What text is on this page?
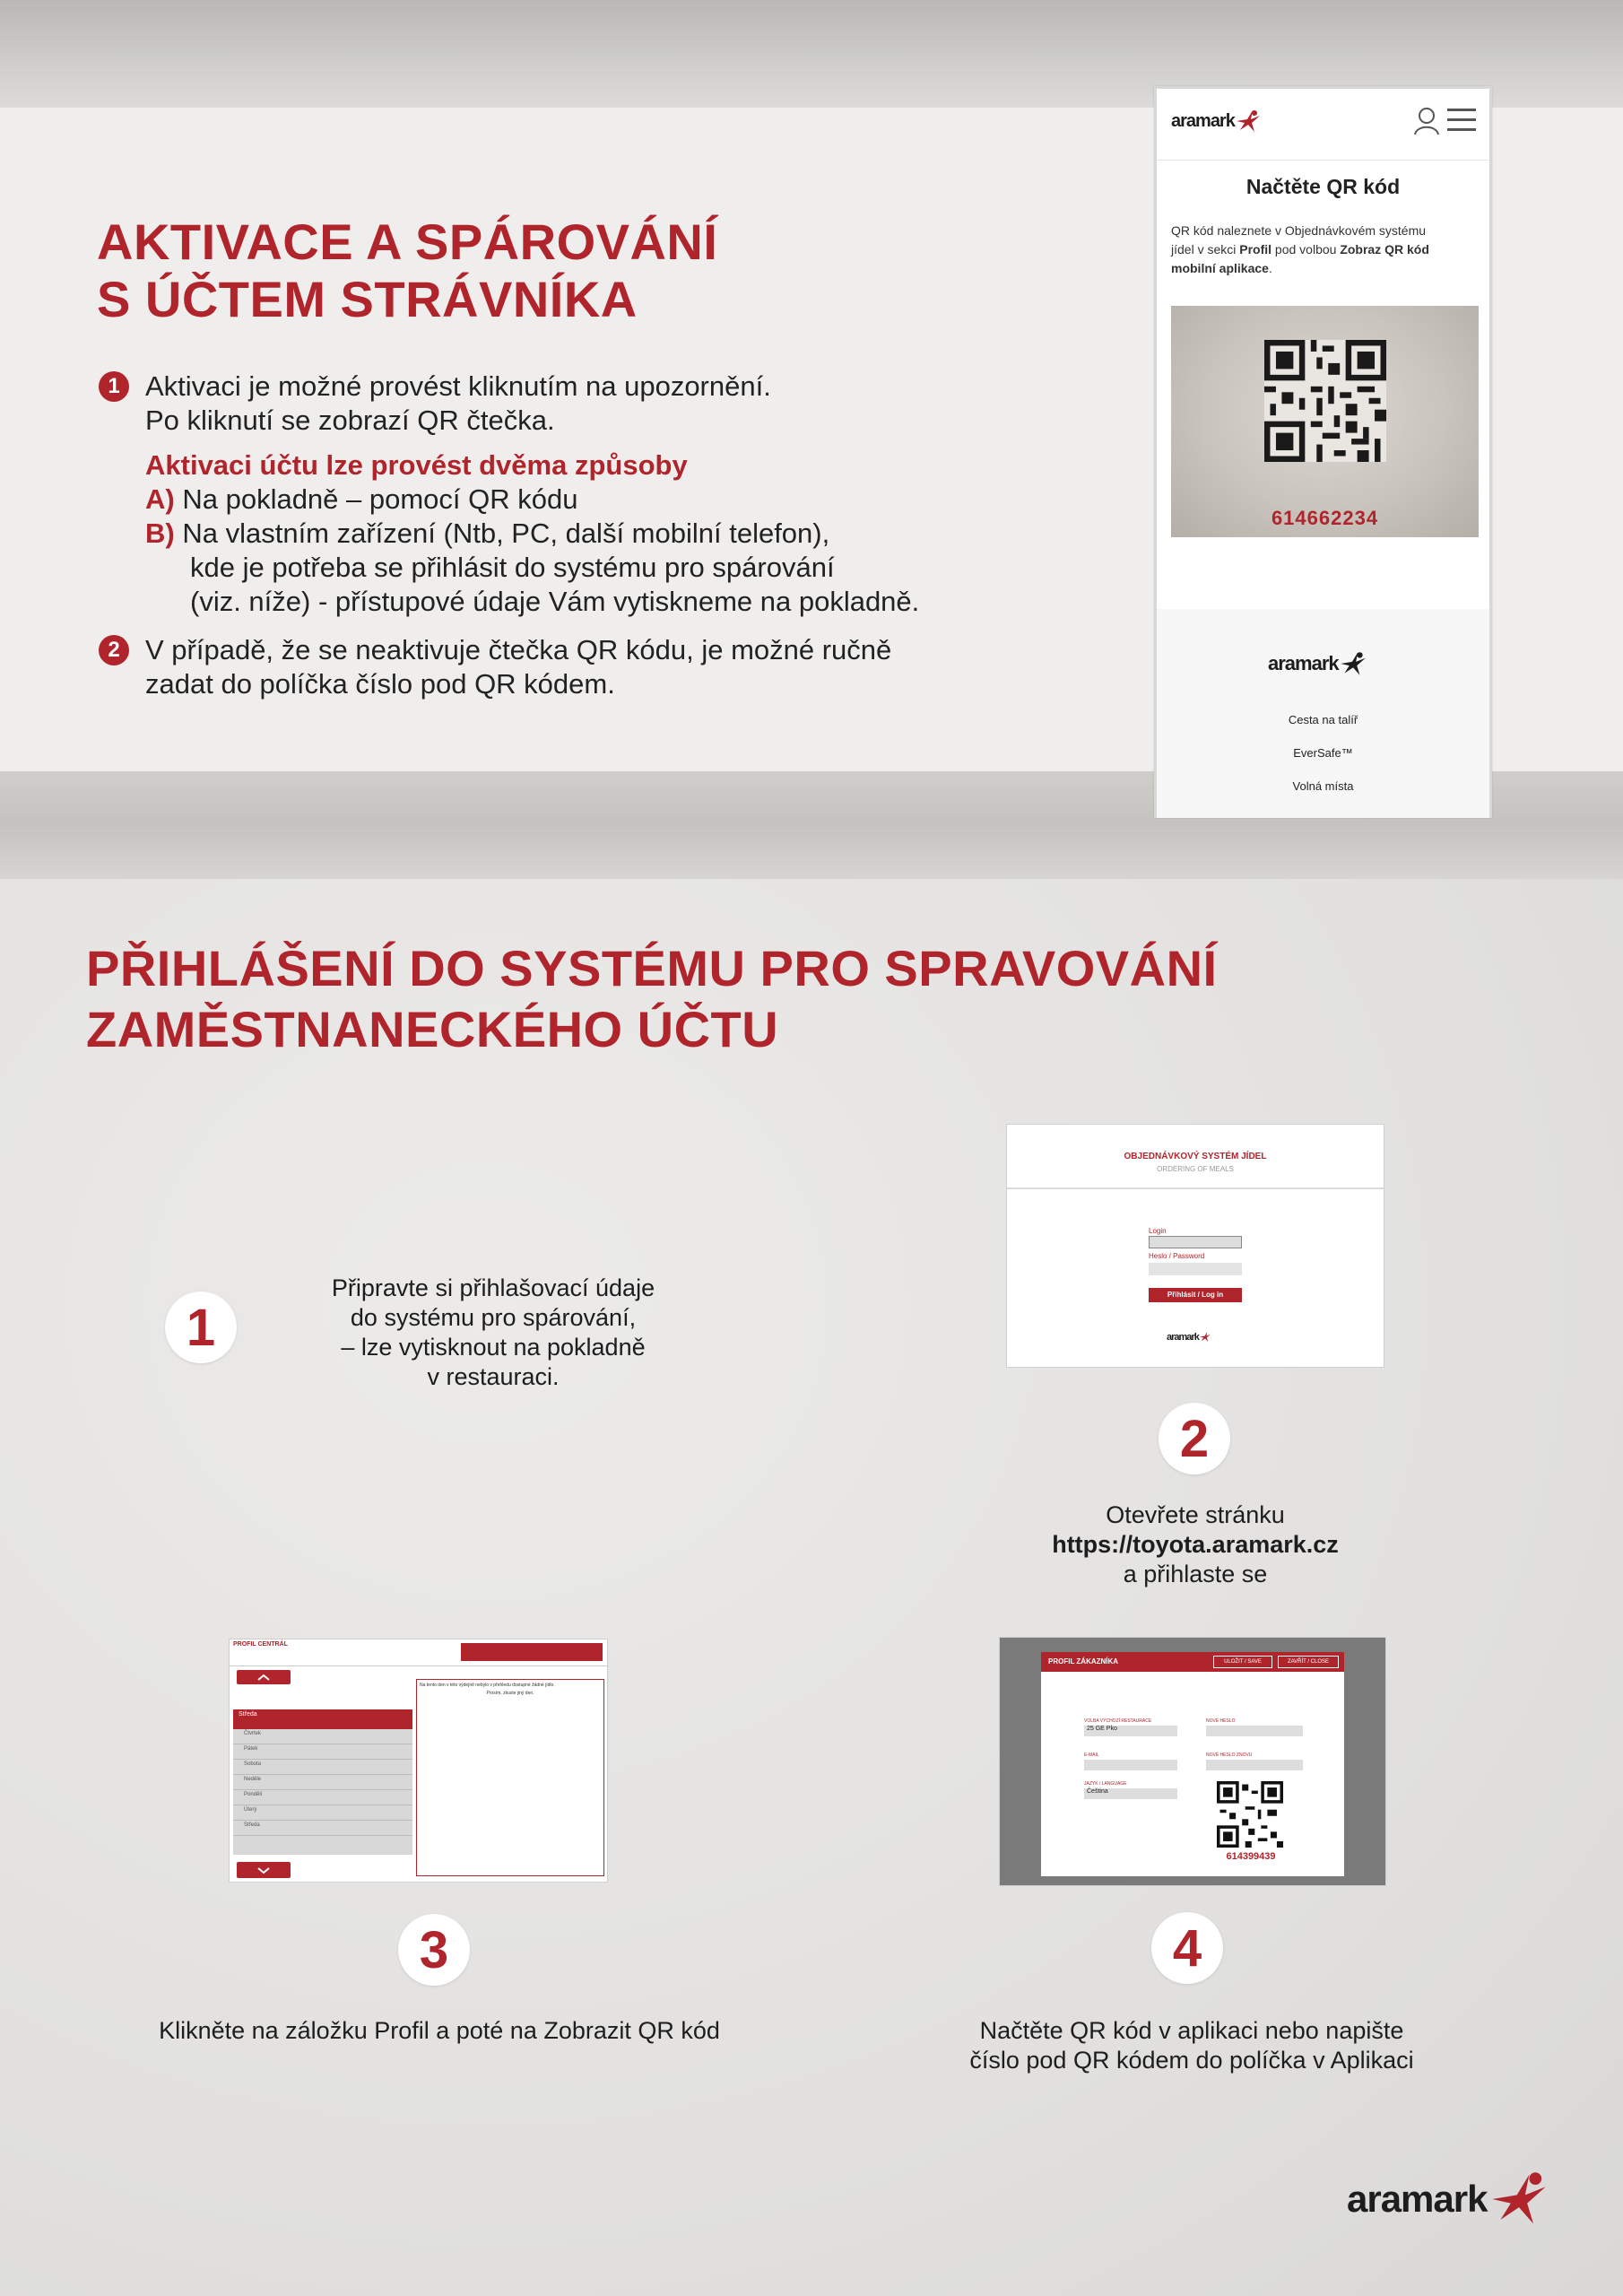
AKTIVACE A SPÁROVÁNÍ
S ÚČTEM STRÁVNÍKA
1 Aktivaci je možné provést kliknutím na upozornění.
Po kliknutí se zobrazí QR čtečka.
Aktivaci účtu lze provést dvěma způsoby
A) Na pokladně – pomocí QR kódu
B) Na vlastním zařízení (Ntb, PC, další mobilní telefon),
kde je potřeba se přihlásit do systému pro spárování
(viz. níže) - přístupové údaje Vám vytiskneme na pokladně.
2 V případě, že se neaktivuje čtečka QR kódu, je možné ručně
zadat do políčka číslo pod QR kódem.
aramark
Načtěte QR kód
QR kód naleznete v Objednávkovém systému
jídel v sekci Profil pod volbou Zobraz QR kód
mobilní aplikace.
614662234
aramark
Cesta na talíř
EverSafe™
Volná místa
PŘIHLÁŠENÍ DO SYSTÉMU PRO SPRAVOVÁNÍ
ZAMĚSTNANECKÉHO ÚČTU
1
Připravte si přihlašovací údaje
do systému pro spárování,
– lze vytisknout na pokladně
v restauraci.
OBJEDNÁVKOVÝ SYSTÉM JÍDEL
ORDERING OF MEALS
Login
Heslo / Password
Přihlásit / Log in
aramark
2
Otevřete stránku
https://toyota.aramark.cz
a přihlaste se
PROFIL CENTRÁL
Středa
Čtvrtek
Pátek
Sobota
Neděle
Pondělí
Úterý
Středa
Na tento den v této výdejně nebylo v přehledu dostupné žádné jídlo.
Prosím, zkuste jiný den.
3
Klikněte na záložku Profil a poté na Zobrazit QR kód
PROFIL ZÁKAZNÍKA	ULOŽIT / SAVE	ZAVŘÍT / CLOSE
VOLBA VÝCHOZÍ RESTAURACE
25 GE Pko
E-MAIL
JAZYK / LANGUAGE
Čeština
NOVÉ HESLO
NOVÉ HESLO ZNOVU
614399439
4
Načtěte QR kód v aplikaci nebo napište
číslo pod QR kódem do políčka v Aplikaci
aramark
